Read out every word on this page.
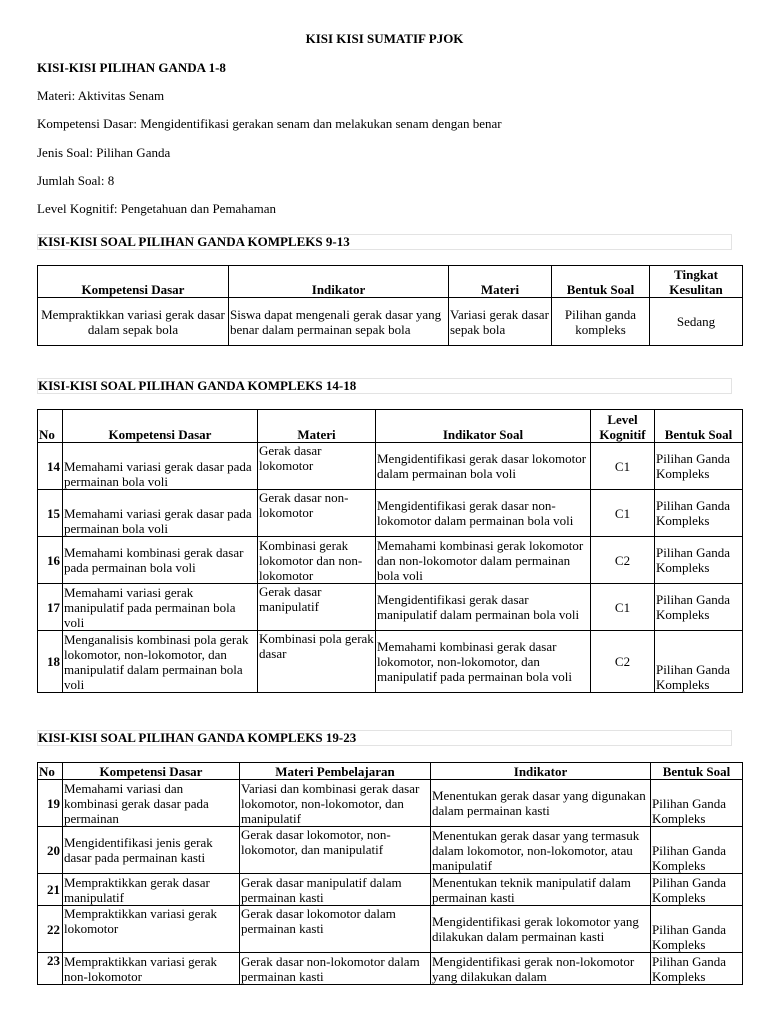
KISI KISI SUMATIF PJOK
KISI-KISI PILIHAN GANDA 1-8
Materi: Aktivitas Senam
Kompetensi Dasar: Mengidentifikasi gerakan senam dan melakukan senam dengan benar
Jenis Soal: Pilihan Ganda
Jumlah Soal: 8
Level Kognitif: Pengetahuan dan Pemahaman
KISI-KISI SOAL PILIHAN GANDA KOMPLEKS 9-13
Kompetensi Dasar	Indikator	Materi	Bentuk Soal	Tingkat Kesulitan
Mempraktikkan variasi gerak dasar dalam sepak bola	Siswa dapat mengenali gerak dasar yang benar dalam permainan sepak bola	Variasi gerak dasar sepak bola	Pilihan ganda kompleks	Sedang
KISI-KISI SOAL PILIHAN GANDA KOMPLEKS 14-18
No	Kompetensi Dasar	Materi	Indikator Soal	Level Kognitif	Bentuk Soal
14	Memahami variasi gerak dasar pada permainan bola voli	Gerak dasar lokomotor	Mengidentifikasi gerak dasar lokomotor dalam permainan bola voli	C1	Pilihan Ganda Kompleks
15	Memahami variasi gerak dasar pada permainan bola voli	Gerak dasar non-lokomotor	Mengidentifikasi gerak dasar non-lokomotor dalam permainan bola voli	C1	Pilihan Ganda Kompleks
16	Memahami kombinasi gerak dasar pada permainan bola voli	Kombinasi gerak lokomotor dan non-lokomotor	Memahami kombinasi gerak lokomotor dan non-lokomotor dalam permainan bola voli	C2	Pilihan Ganda Kompleks
17	Memahami variasi gerak manipulatif pada permainan bola voli	Gerak dasar manipulatif	Mengidentifikasi gerak dasar manipulatif dalam permainan bola voli	C1	Pilihan Ganda Kompleks
18	Menganalisis kombinasi pola gerak lokomotor, non-lokomotor, dan manipulatif dalam permainan bola voli	Kombinasi pola gerak dasar	Memahami kombinasi gerak dasar lokomotor, non-lokomotor, dan manipulatif pada permainan bola voli	C2	Pilihan Ganda Kompleks
KISI-KISI SOAL PILIHAN GANDA KOMPLEKS 19-23
No	Kompetensi Dasar	Materi Pembelajaran	Indikator	Bentuk Soal
19	Memahami variasi dan kombinasi gerak dasar pada permainan	Variasi dan kombinasi gerak dasar lokomotor, non-lokomotor, dan manipulatif	Menentukan gerak dasar yang digunakan dalam permainan kasti	Pilihan Ganda Kompleks
20	Mengidentifikasi jenis gerak dasar pada permainan kasti	Gerak dasar lokomotor, non-lokomotor, dan manipulatif	Menentukan gerak dasar yang termasuk dalam lokomotor, non-lokomotor, atau manipulatif	Pilihan Ganda Kompleks
21	Mempraktikkan gerak dasar manipulatif	Gerak dasar manipulatif dalam permainan kasti	Menentukan teknik manipulatif dalam permainan kasti	Pilihan Ganda Kompleks
22	Mempraktikkan variasi gerak lokomotor	Gerak dasar lokomotor dalam permainan kasti	Mengidentifikasi gerak lokomotor yang dilakukan dalam permainan kasti	Pilihan Ganda Kompleks
23	Mempraktikkan variasi gerak non-lokomotor	Gerak dasar non-lokomotor dalam permainan kasti	Mengidentifikasi gerak non-lokomotor yang dilakukan dalam	Pilihan Ganda Kompleks
